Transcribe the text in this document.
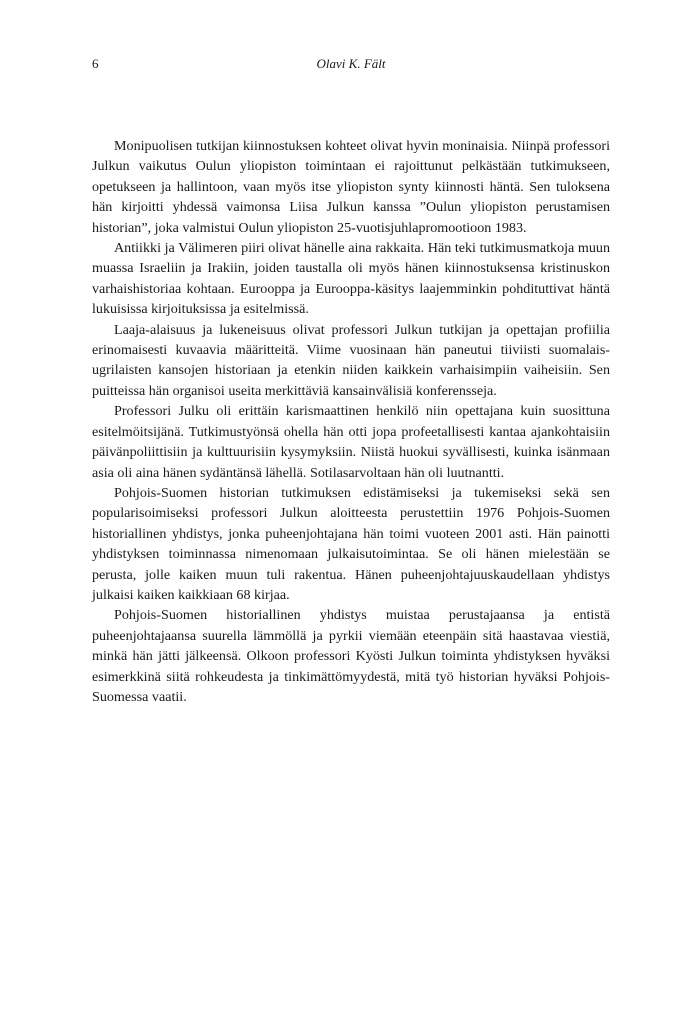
6	Olavi K. Fält

Monipuolisen tutkijan kiinnostuksen kohteet olivat hyvin moninaisia. Niinpä professori Julkun vaikutus Oulun yliopiston toimintaan ei rajoittunut pelkästään tutkimukseen, opetukseen ja hallintoon, vaan myös itse yliopiston synty kiinnosti häntä. Sen tuloksena hän kirjoitti yhdessä vaimonsa Liisa Julkun kanssa ”Oulun yliopiston perustamisen historian”, joka valmistui Oulun yliopiston 25-vuotisjuhlapromootioon 1983.

Antiikki ja Välimeren piiri olivat hänelle aina rakkaita. Hän teki tutkimusmatkoja muun muassa Israeliin ja Irakiin, joiden taustalla oli myös hänen kiinnostuksensa kristinuskon varhaishistoriaa kohtaan. Eurooppa ja Eurooppa-käsitys laajemminkin pohdituttivat häntä lukuisissa kirjoituksissa ja esitelmissä.

Laaja-alaisuus ja lukeneisuus olivat professori Julkun tutkijan ja opettajan profiilia erinomaisesti kuvaavia määritteitä. Viime vuosinaan hän paneutui tiiviisti suomalais-ugrilaisten kansojen historiaan ja etenkin niiden kaikkein varhaisimpiin vaiheisiin. Sen puitteissa hän organisoi useita merkittäviä kansainvälisiä konferensseja.

Professori Julku oli erittäin karismaattinen henkilö niin opettajana kuin suosittuna esitelmöitsijänä. Tutkimustyönsä ohella hän otti jopa profeetallisesti kantaa ajankohtaisiin päivänpoliittisiin ja kulttuurisiin kysymyksiin. Niistä huokui syvällisesti, kuinka isänmaan asia oli aina hänen sydäntänsä lähellä. Sotilasarvoltaan hän oli luutnantti.

Pohjois-Suomen historian tutkimuksen edistämiseksi ja tukemiseksi sekä sen popularisoimiseksi professori Julkun aloitteesta perustettiin 1976 Pohjois-Suomen historiallinen yhdistys, jonka puheenjohtajana hän toimi vuoteen 2001 asti. Hän painotti yhdistyksen toiminnassa nimenomaan julkaisutoimintaa. Se oli hänen mielestään se perusta, jolle kaiken muun tuli rakentua. Hänen puheenjohtajuuskaudellaan yhdistys julkaisi kaiken kaikkiaan 68 kirjaa.

Pohjois-Suomen historiallinen yhdistys muistaa perustajaansa ja entistä puheenjohtajaansa suurella lämmöllä ja pyrkii viemään eteenpäin sitä haastavaa viestiä, minkä hän jätti jälkeensä. Olkoon professori Kyösti Julkun toiminta yhdistyksen hyväksi esimerkkinä siitä rohkeudesta ja tinkimättömyydestä, mitä työ historian hyväksi Pohjois-Suomessa vaatii.
